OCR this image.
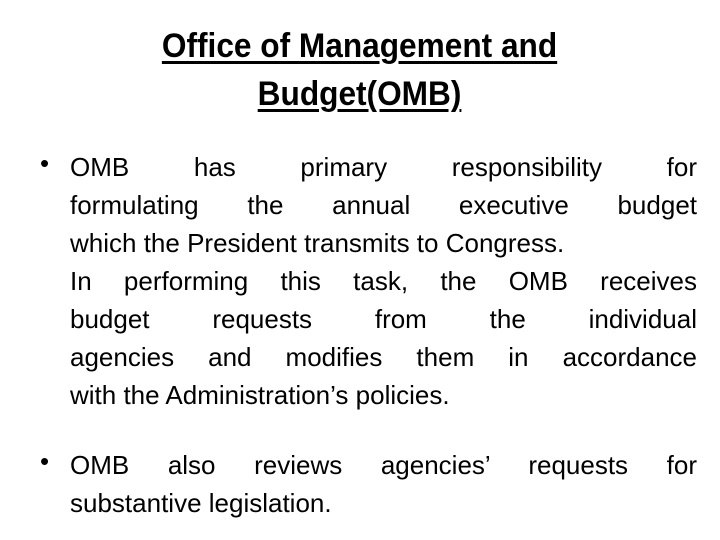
Office of Management and
Budget(OMB)
• OMB has primary responsibility for
formulating the annual executive budget
which the President transmits to Congress.
In performing this task, the OMB receives
budget requests from the individual
agencies and modifies them in accordance
with the Administration’s policies.
• OMB also reviews agencies’ requests for
substantive legislation.
